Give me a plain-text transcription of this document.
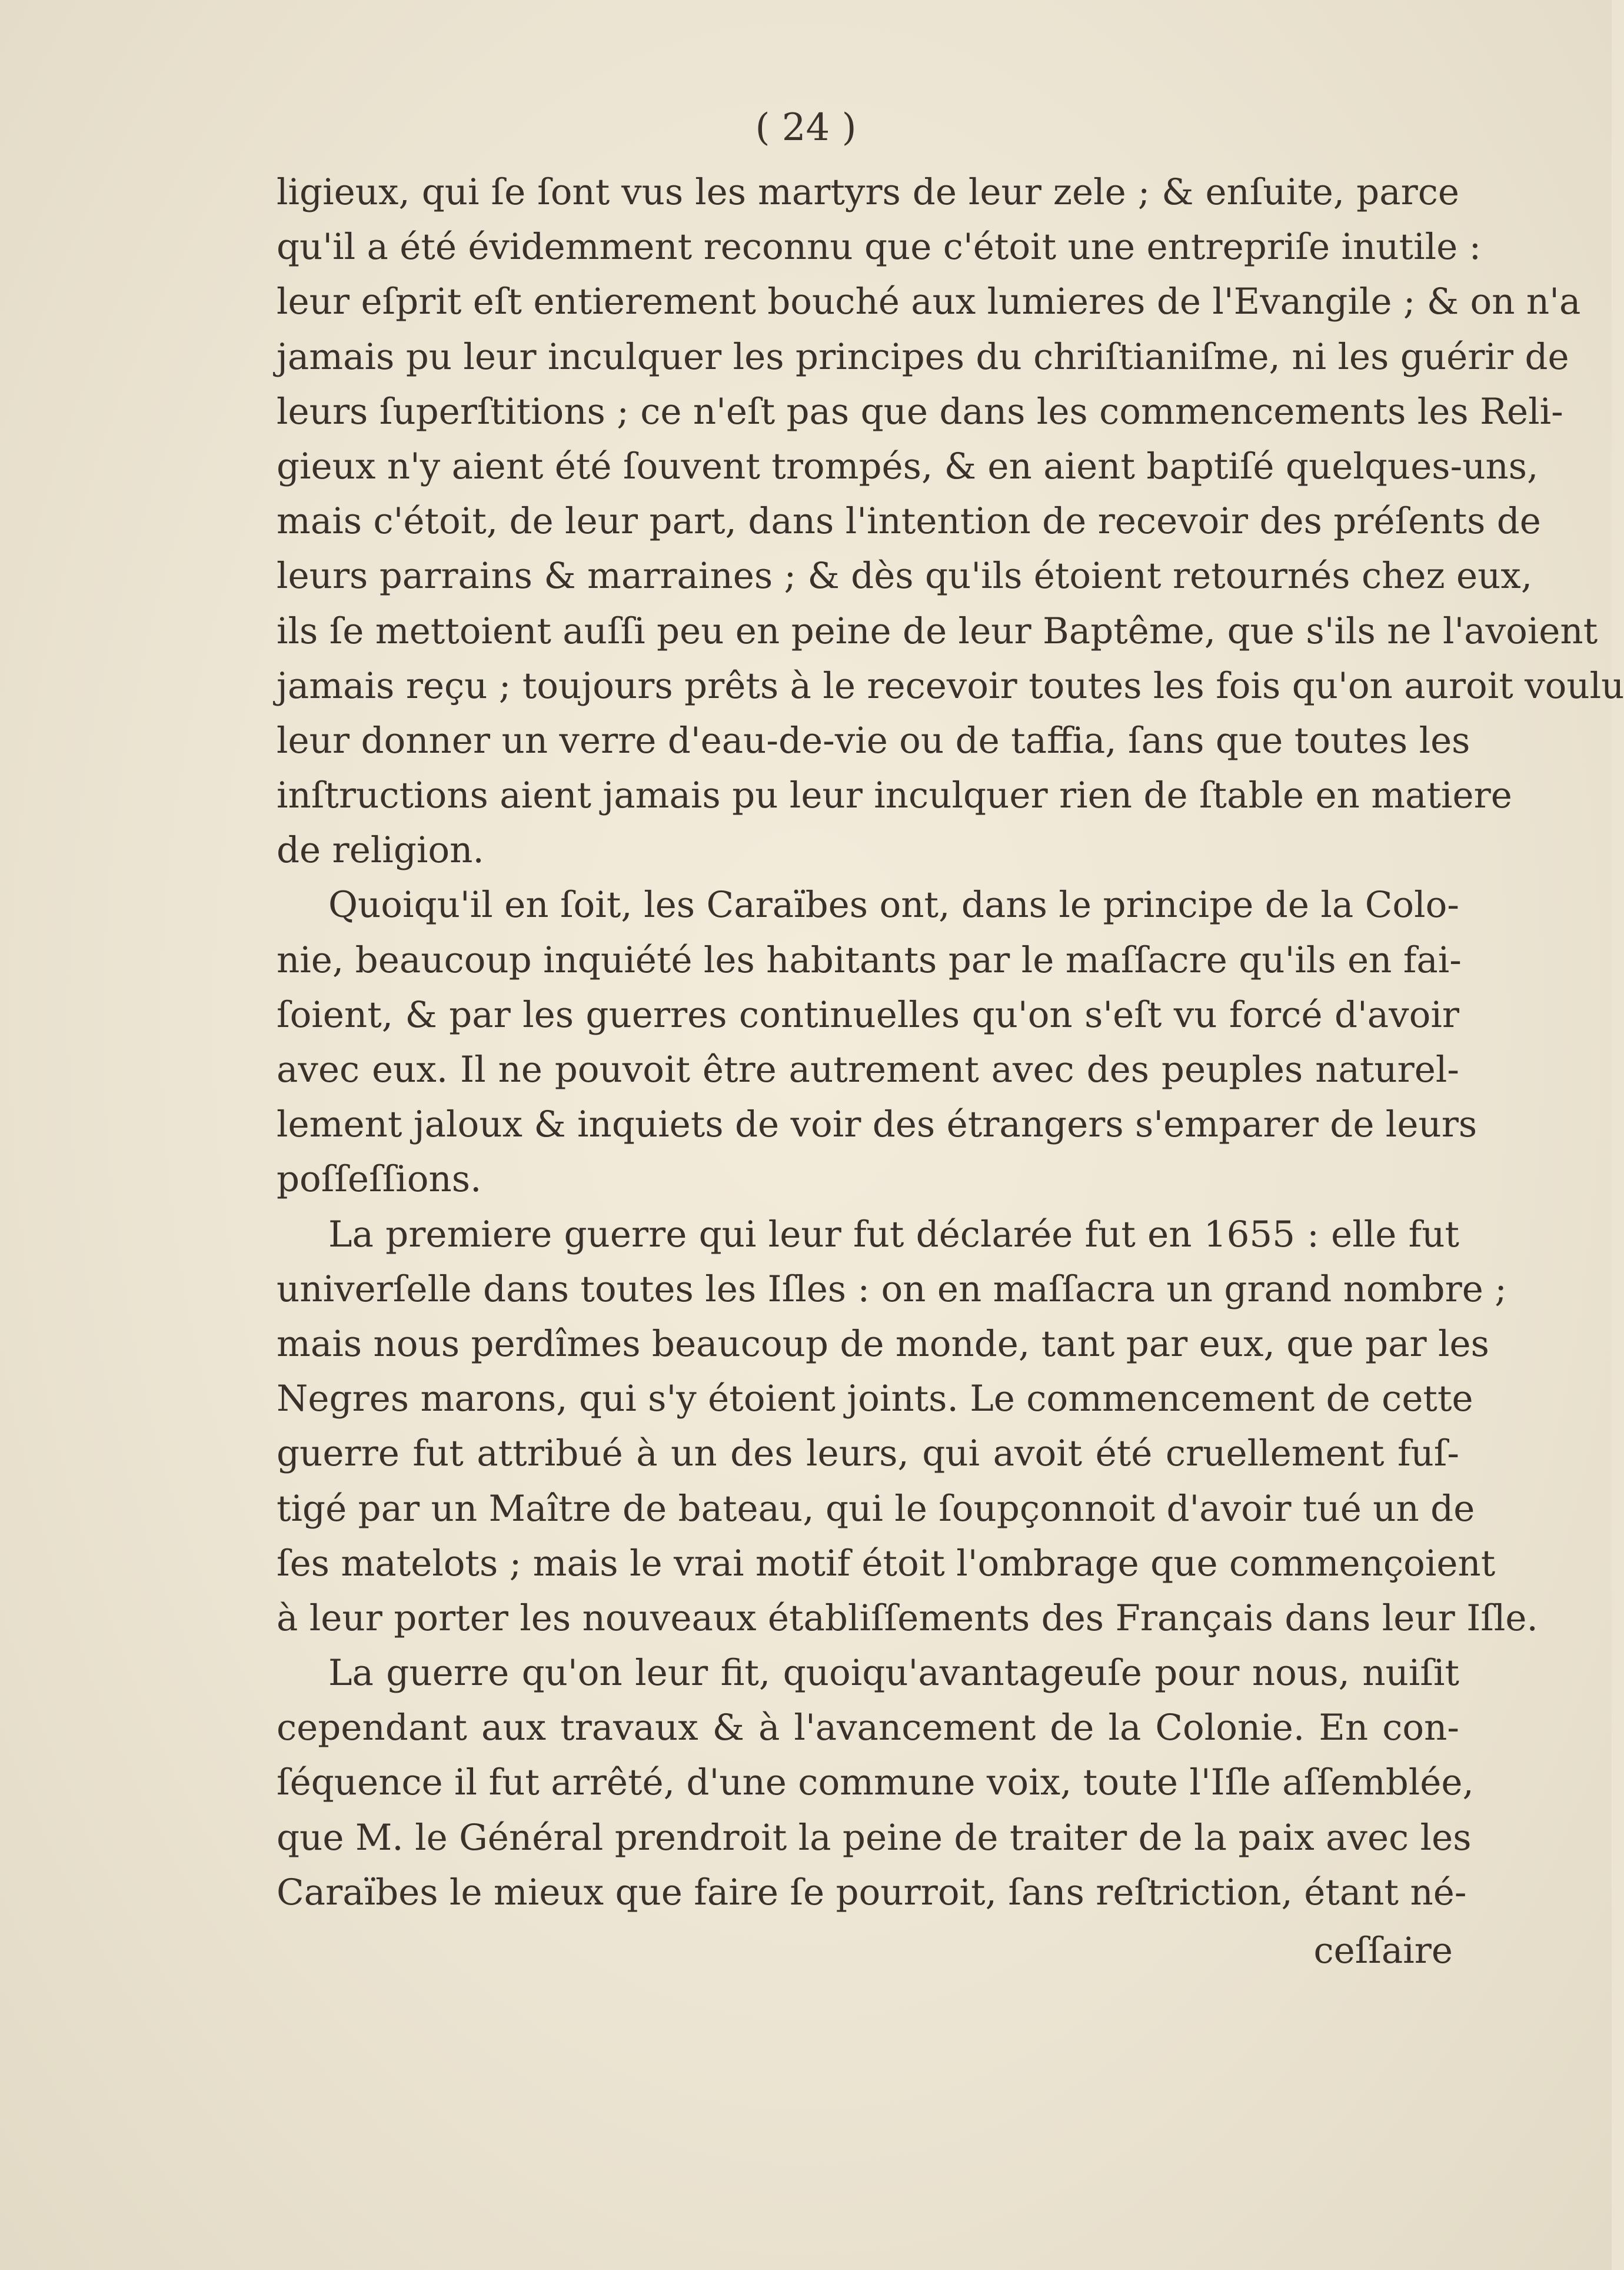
( 24 )
ligieux, qui ſe ſont vus les martyrs de leur zele ; & enſuite, parce
qu'il a été évidemment reconnu que c'étoit une entrepriſe inutile :
leur eſprit eſt entierement bouché aux lumieres de l'Evangile ; & on n'a
jamais pu leur inculquer les principes du chriſtianiſme, ni les guérir de
leurs ſuperſtitions ; ce n'eſt pas que dans les commencements les Reli-
gieux n'y aient été ſouvent trompés, & en aient baptiſé quelques-uns,
mais c'étoit, de leur part, dans l'intention de recevoir des préſents de
leurs parrains & marraines ; & dès qu'ils étoient retournés chez eux,
ils ſe mettoient auſſi peu en peine de leur Baptême, que s'ils ne l'avoient
jamais reçu ; toujours prêts à le recevoir toutes les fois qu'on auroit voulu
leur donner un verre d'eau-de-vie ou de taffia, ſans que toutes les
inſtructions aient jamais pu leur inculquer rien de ſtable en matiere
de religion.
Quoiqu'il en ſoit, les Caraïbes ont, dans le principe de la Colo-
nie, beaucoup inquiété les habitants par le maſſacre qu'ils en fai-
ſoient, & par les guerres continuelles qu'on s'eſt vu forcé d'avoir
avec eux. Il ne pouvoit être autrement avec des peuples naturel-
lement jaloux & inquiets de voir des étrangers s'emparer de leurs
poſſeſſions.
La premiere guerre qui leur fut déclarée fut en 1655 : elle fut
univerſelle dans toutes les Iſles : on en maſſacra un grand nombre ;
mais nous perdîmes beaucoup de monde, tant par eux, que par les
Negres marons, qui s'y étoient joints. Le commencement de cette
guerre fut attribué à un des leurs, qui avoit été cruellement fuſ-
tigé par un Maître de bateau, qui le ſoupçonnoit d'avoir tué un de
ſes matelots ; mais le vrai motif étoit l'ombrage que commençoient
à leur porter les nouveaux établiſſements des Français dans leur Iſle.
La guerre qu'on leur fit, quoiqu'avantageuſe pour nous, nuiſit
cependant aux travaux & à l'avancement de la Colonie. En con-
ſéquence il fut arrêté, d'une commune voix, toute l'Iſle aſſemblée,
que M. le Général prendroit la peine de traiter de la paix avec les
Caraïbes le mieux que faire ſe pourroit, ſans reſtriction, étant né-
ceſſaire
